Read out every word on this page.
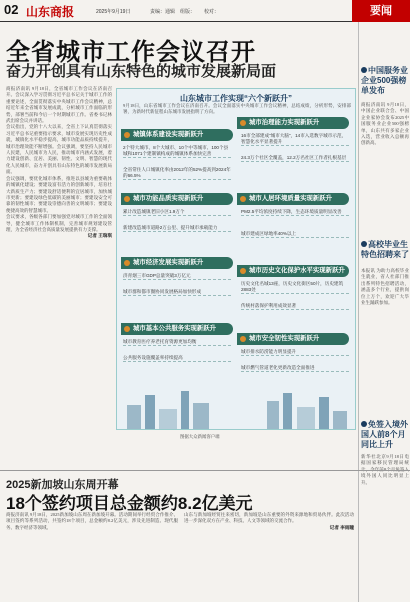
02 山东商报	2025年9月19日	责编：通辑 组版： 校对：	要闻
全省城市工作会议召开
奋力开创具有山东特色的城市发展新局面

商报济南讯 9月18日，全省城市工作会议在济南召开。会议深入学习贯彻习近平总书记关于城市工作的重要论述，全面贯彻落实中央城市工作会议精神，总结近年来全省城市发展成就，分析城市工作面临的形势，部署当前和今后一个时期城市工作。省委书记林武出席会议并讲话。

会议指出，党的十八大以来，全省上下认真贯彻落实习近平总书记重要指示要求，城市发展实现历史性成就，城镇化水平稳步提高，城市功能品质持续提升，城市治理效能不断增强。会议强调，要坚持人民城市人民建，人民城市为人民，推动城市内涵式发展，着力建设创新、宜居、美丽、韧性、文明、智慧的现代化人民城市，奋力开创具有山东特色的城市发展新局面。

会议强调，要优化城市体系，推进以县城为重要载体的城镇化建设；要建设富有活力的创新城市，培育壮大新质生产力；要建设舒适便利的宜居城市，加快城市更新；要建设绿色低碳的美丽城市；要建设安全可靠的韧性城市；要建设崇德向善的文明城市；要建设便捷高效的智慧城市。

会议要求，各级各部门要加强党对城市工作的全面领导，健全城市工作体制机制，完善城市规划建设管理，为全省经济社会高质量发展提供有力支撑。

记者 王瑞琪

山东城市工作实现“六个新跃升”
9月18日，山东省城市工作会议在济南召开。会议全面落实中央城市工作会议精神，总结成绩，分析形势，安排部署，为新时代新征程山东城市发展指明了方向。
城镇体系建设实现新跃升
2个特大城市、8个大城市、10个中等城市、100个县城和1071个建制镇构成的城镇体系加快完善
全省常住人口城镇化率由2012年的52%提高到2024年的66.5%
城市治理能力实现新跃升
16市全部建成“城市大脑”，14市入选数字城市示范，智慧化水平显著提升
24.3万个社区全覆盖，12.2万名社区工作者扎根基层
城市功能品质实现新跃升
累计改造城镇老旧小区1.9万个
新建改造城市道路2万公里、提升城市承载能力
城市人居环境质量实现新跃升
PM2.5平均浓度持续下降，生态环境质量明显改善
城市建成区绿地率40%以上
城市经济发展实现新跃升
济青烟三市GDP总量突破3万亿元
城市群和都市圈协同发展格局加快形成
城市历史文化保护水平实现新跃升
历史文化名城13座，历史文化街区50片，历史建筑2883处
传统村落保护利用成效显著
城市基本公共服务实现新跃升
城市教育医疗养老托育资源更加均衡
公共服务设施覆盖率持续提高
城市安全韧性实现新跃升
城市排水防涝能力明显提升
城市燃气管道老化更新改造全面推进
图据大众新闻客户端
中国服务业企业500强榜单发布

商报济南讯 9月18日，中国企业联合会、中国企业家协会发布2025中国服务业企业500强榜单，山东共有多家企业入选，营业收入总额再创新高。

高校毕业生特色招聘来了

本报讯 为助力高校毕业生就业，省人社部门推出系列特色招聘活动，涵盖多个行业，提供岗位上万个，欢迎广大毕业生踊跃参加。

免签入境外国人前8个月同比上升

新华社北京9月18日电 据国家移民管理局统计，今年前8个月免签入境外国人同比明显上升。

2025新加坡山东周开幕
18个签约项目总金额约8.2亿美元

商报济南讯 9月18日，2025新加坡山东周在新加坡开幕。活动期间举行经贸合作推介、项目签约等系列活动，共签约18个项目，总金额约8.2亿美元，涉及先进制造、现代服务、数字经济等领域。

山东与新加坡经贸往来密切，新加坡是山东重要的外资来源地和贸易伙伴。此次活动进一步深化双方在产业、科技、人文等领域的交流合作。

记者 李雨瞳
